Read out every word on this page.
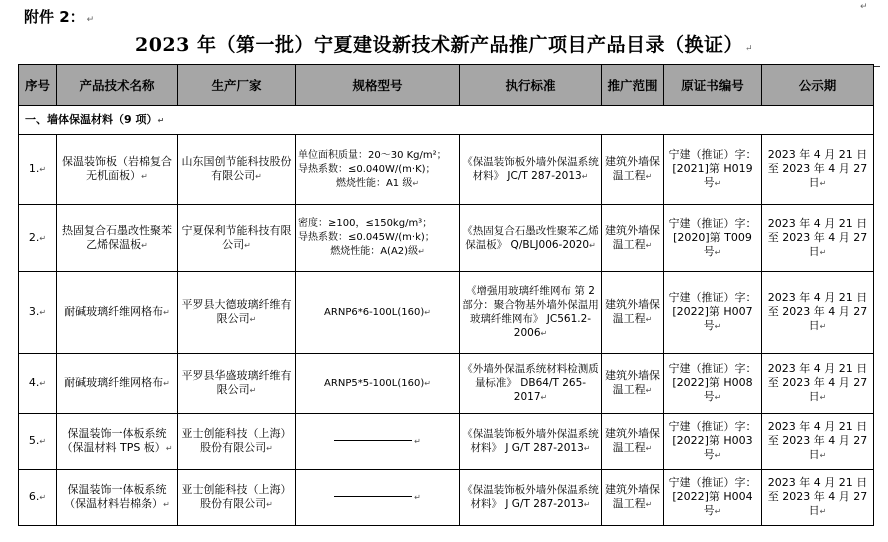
↵
附件 2： ↵
2023 年（第一批）宁夏建设新技术新产品推广项目产品目录（换证） ↵
序号	产品技术名称	生产厂家	规格型号	执行标准	推广范围	原证书编号	公示期
一、墙体保温材料（9 项）↵							
1.↵	保温装饰板（岩棉复合无机面板）↵	山东国创节能科技股份有限公司↵	单位面积质量：20～30 Kg/m²；
导热系数：≤0.040W/(m·K)；
燃烧性能：A1 级↵	《保温装饰板外墙外保温系统材料》 JC/T 287-2013↵	建筑外墙保温工程↵	宁建（推证）字：[2021]第 H019 号↵	2023 年 4 月 21 日至 2023 年 4 月 27 日↵
2.↵	热固复合石墨改性聚苯乙烯保温板↵	宁夏保利节能科技有限公司↵	密度：≥100，≤150kg/m³；
导热系数：≤0.045W/(m·k)；
燃烧性能：A(A2)级↵	《热固复合石墨改性聚苯乙烯保温板》 Q/BLJ006-2020↵	建筑外墙保温工程↵	宁建（推证）字：[2020]第 T009 号↵	2023 年 4 月 21 日至 2023 年 4 月 27 日↵
3.↵	耐碱玻璃纤维网格布↵	平罗县大德玻璃纤维有限公司↵	ARNP6*6-100L(160)↵	《增强用玻璃纤维网布 第 2 部分：聚合物基外墙外保温用玻璃纤维网布》 JC561.2-2006↵	建筑外墙保温工程↵	宁建（推证）字：[2022]第 H007 号↵	2023 年 4 月 21 日至 2023 年 4 月 27 日↵
4.↵	耐碱玻璃纤维网格布↵	平罗县华盛玻璃纤维有限公司↵	ARNP5*5-100L(160)↵	《外墙外保温系统材料检测质量标准》 DB64/T 265-2017↵	建筑外墙保温工程↵	宁建（推证）字：[2022]第 H008 号↵	2023 年 4 月 21 日至 2023 年 4 月 27 日↵
5.↵	保温装饰一体板系统（保温材料 TPS 板）↵	亚士创能科技（上海）股份有限公司↵	↵	《保温装饰板外墙外保温系统材料》 J G/T 287-2013↵	建筑外墙保温工程↵	宁建（推证）字：[2022]第 H003 号↵	2023 年 4 月 21 日至 2023 年 4 月 27 日↵
6.↵	保温装饰一体板系统（保温材料岩棉条）↵	亚士创能科技（上海）股份有限公司↵	↵	《保温装饰板外墙外保温系统材料》 J G/T 287-2013↵	建筑外墙保温工程↵	宁建（推证）字：[2022]第 H004 号↵	2023 年 4 月 21 日至 2023 年 4 月 27 日↵
